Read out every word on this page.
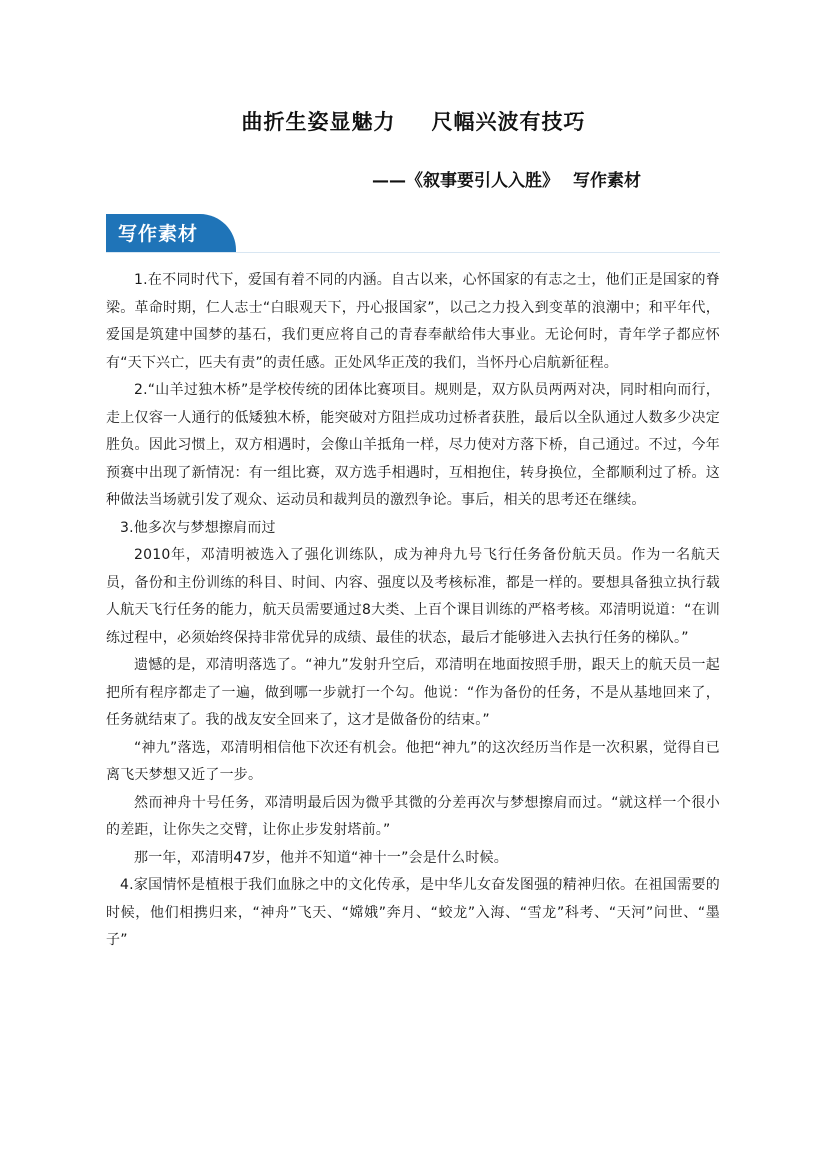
曲折生姿显魅力 尺幅兴波有技巧
——《叙事要引人入胜》 写作素材
写作素材

1.在不同时代下，爱国有着不同的内涵。自古以来，心怀国家的有志之士，他们正是国家的脊梁。革命时期，仁人志士“白眼观天下，丹心报国家”，以己之力投入到变革的浪潮中；和平年代，爱国是筑建中国梦的基石，我们更应将自己的青春奉献给伟大事业。无论何时，青年学子都应怀有“天下兴亡，匹夫有责”的责任感。正处风华正茂的我们，当怀丹心启航新征程。

2.“山羊过独木桥”是学校传统的团体比赛项目。规则是，双方队员两两对决，同时相向而行，走上仅容一人通行的低矮独木桥，能突破对方阻拦成功过桥者获胜，最后以全队通过人数多少决定胜负。因此习惯上，双方相遇时，会像山羊抵角一样，尽力使对方落下桥，自己通过。不过，今年预赛中出现了新情况：有一组比赛，双方选手相遇时，互相抱住，转身换位，全都顺利过了桥。这种做法当场就引发了观众、运动员和裁判员的激烈争论。事后，相关的思考还在继续。

3.他多次与梦想擦肩而过

2010年，邓清明被选入了强化训练队，成为神舟九号飞行任务备份航天员。作为一名航天员，备份和主份训练的科目、时间、内容、强度以及考核标准，都是一样的。要想具备独立执行载人航天飞行任务的能力，航天员需要通过8大类、上百个课目训练的严格考核。邓清明说道：“在训练过程中，必须始终保持非常优异的成绩、最佳的状态，最后才能够进入去执行任务的梯队。”

遗憾的是，邓清明落选了。“神九”发射升空后，邓清明在地面按照手册，跟天上的航天员一起把所有程序都走了一遍，做到哪一步就打一个勾。他说：“作为备份的任务，不是从基地回来了，任务就结束了。我的战友安全回来了，这才是做备份的结束。”

“神九”落选，邓清明相信他下次还有机会。他把“神九”的这次经历当作是一次积累，觉得自已离飞天梦想又近了一步。

然而神舟十号任务，邓清明最后因为微乎其微的分差再次与梦想擦肩而过。“就这样一个很小的差距，让你失之交臂，让你止步发射塔前。”

那一年，邓清明47岁，他并不知道“神十一”会是什么时候。

4.家国情怀是植根于我们血脉之中的文化传承，是中华儿女奋发图强的精神归依。在祖国需要的时候，他们相携归来，“神舟”飞天、“嫦娥”奔月、“蛟龙”入海、“雪龙”科考、“天河”问世、“墨子”
